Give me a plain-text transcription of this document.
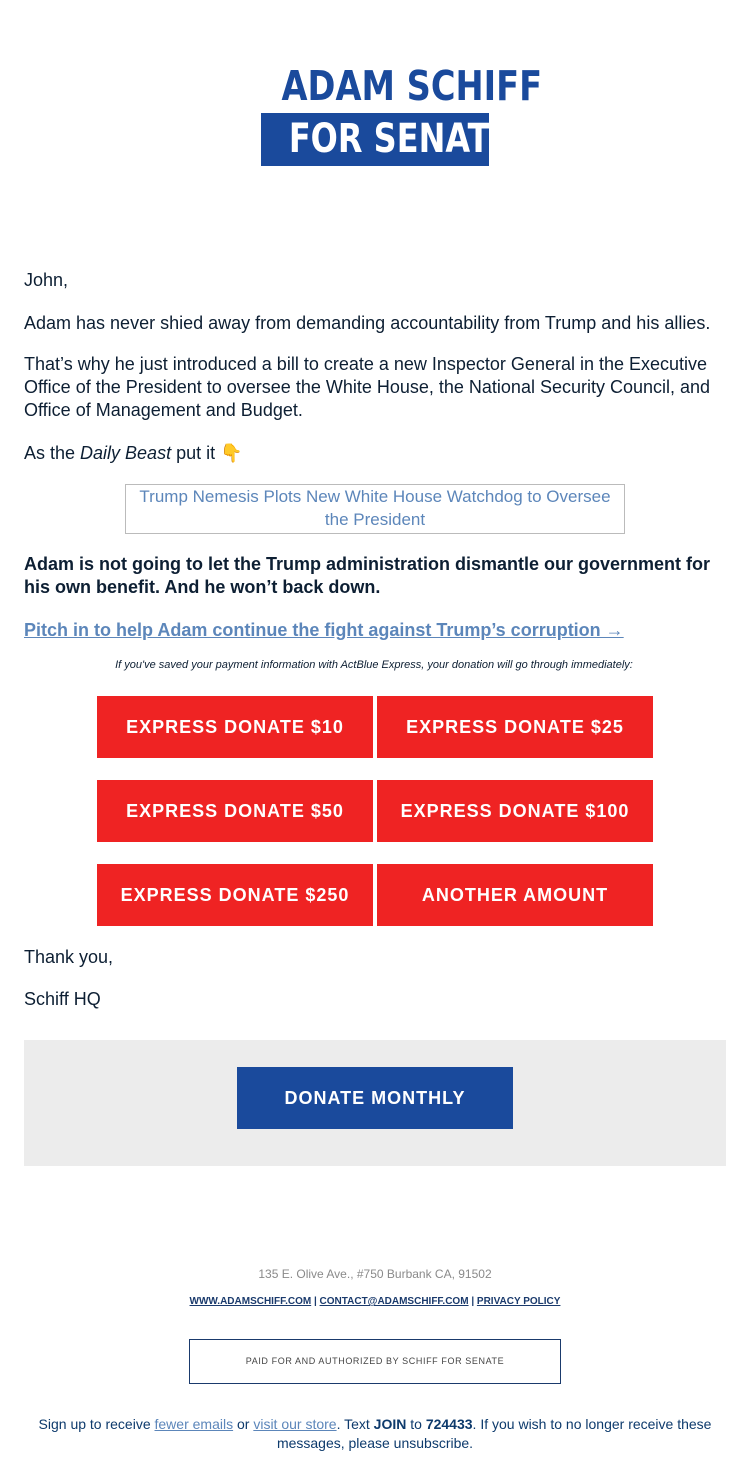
ADAM SCHIFF
FOR SENATE

John,

Adam has never shied away from demanding accountability from Trump and his allies.

That’s why he just introduced a bill to create a new Inspector General in the Executive Office of the President to oversee the White House, the National Security Council, and Office of Management and Budget.

As the Daily Beast put it 👇

Trump Nemesis Plots New White House Watchdog to Oversee the President

Adam is not going to let the Trump administration dismantle our government for his own benefit. And he won’t back down.

Pitch in to help Adam continue the fight against Trump’s corruption →

If you've saved your payment information with ActBlue Express, your donation will go through immediately:
EXPRESS DONATE $10	EXPRESS DONATE $25
EXPRESS DONATE $50	EXPRESS DONATE $100
EXPRESS DONATE $250	ANOTHER AMOUNT

Thank you,

Schiff HQ

DONATE MONTHLY
135 E. Olive Ave., #750 Burbank CA, 91502
WWW.ADAMSCHIFF.COM | CONTACT@ADAMSCHIFF.COM | PRIVACY POLICY
PAID FOR AND AUTHORIZED BY SCHIFF FOR SENATE
Sign up to receive fewer emails or visit our store. Text JOIN to 724433. If you wish to no longer receive these messages, please unsubscribe.
